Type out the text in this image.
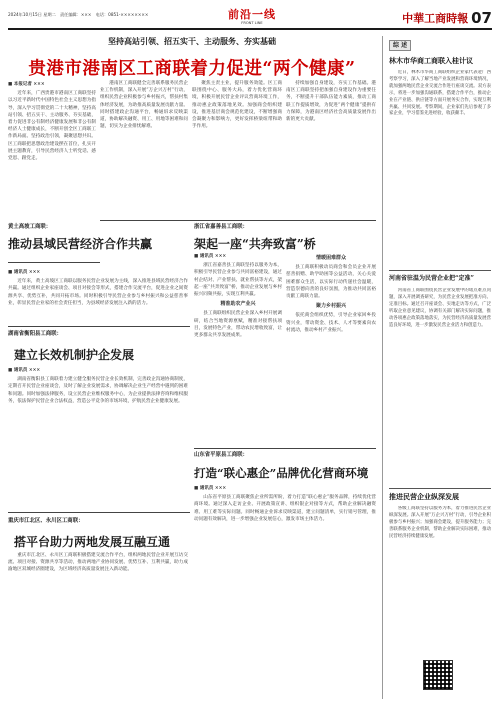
2024年10月15日 星期二　责任编辑：×××　电话：0851-××××××××	前沿一线
FRONT LINE	中華工商時報 07
坚持高站引领、招五实干、主动服务、夯实基础
贵港市港南区工商联着力促进“两个健康”
■ 本报记者 ×××

近年来，广西贵港市港南区工商联坚持以习近平新时代中国特色社会主义思想为指导，深入学习贯彻党的二十大精神，坚持高站引领、招五实干、主动服务、夯实基础，着力促进非公有制经济健康发展和非公有制经济人士健康成长，不断开创全区工商联工作新局面。坚持政治引领，凝聚思想共识。区工商联把思想政治建设摆在首位，扎实开展主题教育，引导民营经济人士听党话、感党恩、跟党走。

港南区工商联健全完善联系服务民营企业工作机制，深入开展“万企兴万村”行动，组织民营企业积极参与乡村振兴，帮扶村集体经济发展，为助推高质量发展贡献力量。同时搭建政企沟通平台，畅通诉求反映渠道，协助解决融资、用工、用地等困难和问题，切实为企业排忧解难。

聚焦主责主业，提升服务效能。区工商联围绕中心、服务大局，着力优化营商环境，积极开展民营企业评议营商环境工作，推动惠企政策落地见效。加强商会组织建设，推进基层商会规范化建设，不断增强商会凝聚力和影响力，更好发挥桥梁纽带和助手作用。

持续加强自身建设，夯实工作基础。港南区工商联坚持把加强自身建设作为重要任务，不断提升干部队伍能力素质，推动工商联工作提质增效，为促进“两个健康”提供有力保障，为港南区经济社会高质量发展作出新的更大贡献。

黄土高坡工商联：
推动县域民营经济合作共赢
■ 通讯员 ×××

近年来，黄土高坡区工商联以服务民营企业发展为主线，深入推进县域民营经济合作共赢。通过组织企业家座谈会、项目对接会等形式，搭建合作交流平台，促进企业之间资源共享、优势互补，共同开拓市场。同时积极引导民营企业参与乡村振兴和公益慈善事业，彰显民营企业家的社会责任担当，为县域经济发展注入新的活力。

浙江省嘉善县工商联：
架起一座“共奔致富”桥
■ 通讯员 ×××

浙江省嘉善县工商联坚持以服务为本，积极引导民营企业参与共同富裕建设，通过村企结对、产业帮扶、就业帮扶等方式，架起一座“共奔致富”桥，推动企业发展与乡村振兴同频共振，实现互利共赢。

精准助农产业兴

县工商联组织民营企业深入乡村开展调研，结合当地资源禀赋，精准对接帮扶项目，发展特色产业，带动农民增收致富，让更多群众共享发展成果。

情暖困难群众

县工商联积极动员商会和会员企业开展慈善捐赠、助学助困等公益活动，关心关爱困难群众生活，以实际行动传递社会温暖，营造崇德向善的良好氛围，为推动共同富裕贡献工商联力量。

聚力乡村振兴

依托商会组织优势，引导企业家回乡投资兴业，带动资金、技术、人才等要素向农村流动，推动乡村产业振兴。

湖南省衡阳县工商联：
建立长效机制护企发展
■ 通讯员 ×××

湖南省衡阳县工商联着力建立健全服务民营企业长效机制，完善政企沟通协商制度，定期召开民营企业座谈会，及时了解企业发展需求，协调解决企业生产经营中遇到的困难和问题。同时加强法律服务，设立民营企业维权服务中心，为企业提供法律咨询和维权服务，依法保护民营企业合法权益，营造公平竞争的市场环境，护航民营企业健康发展。

山东省平原县工商联：
打造“联心惠企”品牌优化营商环境
■ 通讯员 ×××

山东省平原县工商联聚焦企业所需所盼，着力打造“联心惠企”服务品牌，持续优化营商环境。通过深入走访企业、开展政策宣讲、组织银企对接等方式，帮助企业解决融资难、用工难等实际问题。同时畅通企业诉求反映渠道，建立问题清单，实行销号管理，推动问题有效解决，进一步增强企业发展信心，激发市场主体活力。

重庆市江北区、永川区工商联：
搭平台助力两地发展互融互通

重庆市江北区、永川区工商联积极搭建交流合作平台，组织两地民营企业开展互访交流、项目对接、资源共享等活动，推动两地产业协同发展、优势互补、互利共赢，助力成渝地区双城经济圈建设，为区域经济高质量发展注入新动能。

综 述
林木市华商工商联入桂计议

近日，林木市华商工商联组织企业家代表赴广西考察学习，深入了解当地产业发展和营商环境情况，就加强两地民营企业交流合作进行座谈交流。双方表示，将进一步加强沟通联系，搭建合作平台，推动企业在产业链、供应链等方面开展务实合作，实现互利共赢、共同发展。考察期间，企业家们先后参观了多家企业，学习借鉴先进经验，收获颇丰。

河南省驻温为民营企业把“定准”

河南省工商联围绕民营企业发展中的堵点难点问题，深入开展调查研究，为民营企业发展把准方向、定准目标。通过召开座谈会、实地走访等方式，广泛听取企业意见建议，协调有关部门解决实际问题，推动各项惠企政策落地落实，为民营经济高质量发展营造良好环境，进一步激发民营企业活力和创造力。

推进民营企业纵深发展

各级工商联坚持以服务为本，着力推进民营企业纵深发展。深入开展“万企兴万村”行动，引导企业积极参与乡村振兴；加强商会建设，提升服务能力；完善联系服务企业机制，帮助企业解决实际困难，推动民营经济持续健康发展。
